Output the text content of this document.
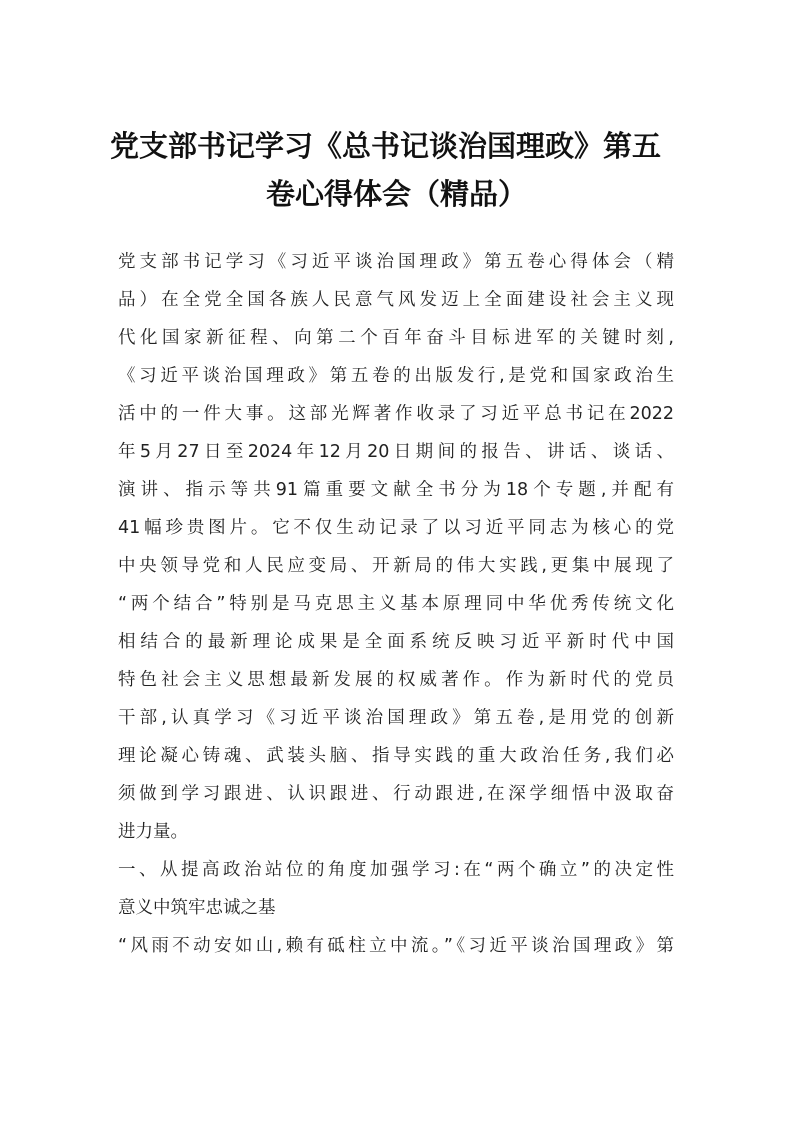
党支部书记学习《总书记谈治国理政》第五
卷心得体会（精品）

党支部书记学习《习近平谈治国理政》第五卷心得体会（精

品）在全党全国各族人民意气风发迈上全面建设社会主义现

代化国家新征程、向第二个百年奋斗目标进军的关键时刻,

《习近平谈治国理政》第五卷的出版发行,是党和国家政治生

活中的一件大事。这部光辉著作收录了习近平总书记在2022

年5月27日至2024年12月20日期间的报告、讲话、谈话、

演讲、指示等共91篇重要文献全书分为18个专题,并配有

41幅珍贵图片。它不仅生动记录了以习近平同志为核心的党

中央领导党和人民应变局、开新局的伟大实践,更集中展现了

“两个结合”特别是马克思主义基本原理同中华优秀传统文化

相结合的最新理论成果是全面系统反映习近平新时代中国

特色社会主义思想最新发展的权威著作。作为新时代的党员

干部,认真学习《习近平谈治国理政》第五卷,是用党的创新

理论凝心铸魂、武装头脑、指导实践的重大政治任务,我们必

须做到学习跟进、认识跟进、行动跟进,在深学细悟中汲取奋

进力量。

一、从提高政治站位的角度加强学习:在“两个确立”的决定性

意义中筑牢忠诚之基

“风雨不动安如山,赖有砥柱立中流。”《习近平谈治国理政》第
